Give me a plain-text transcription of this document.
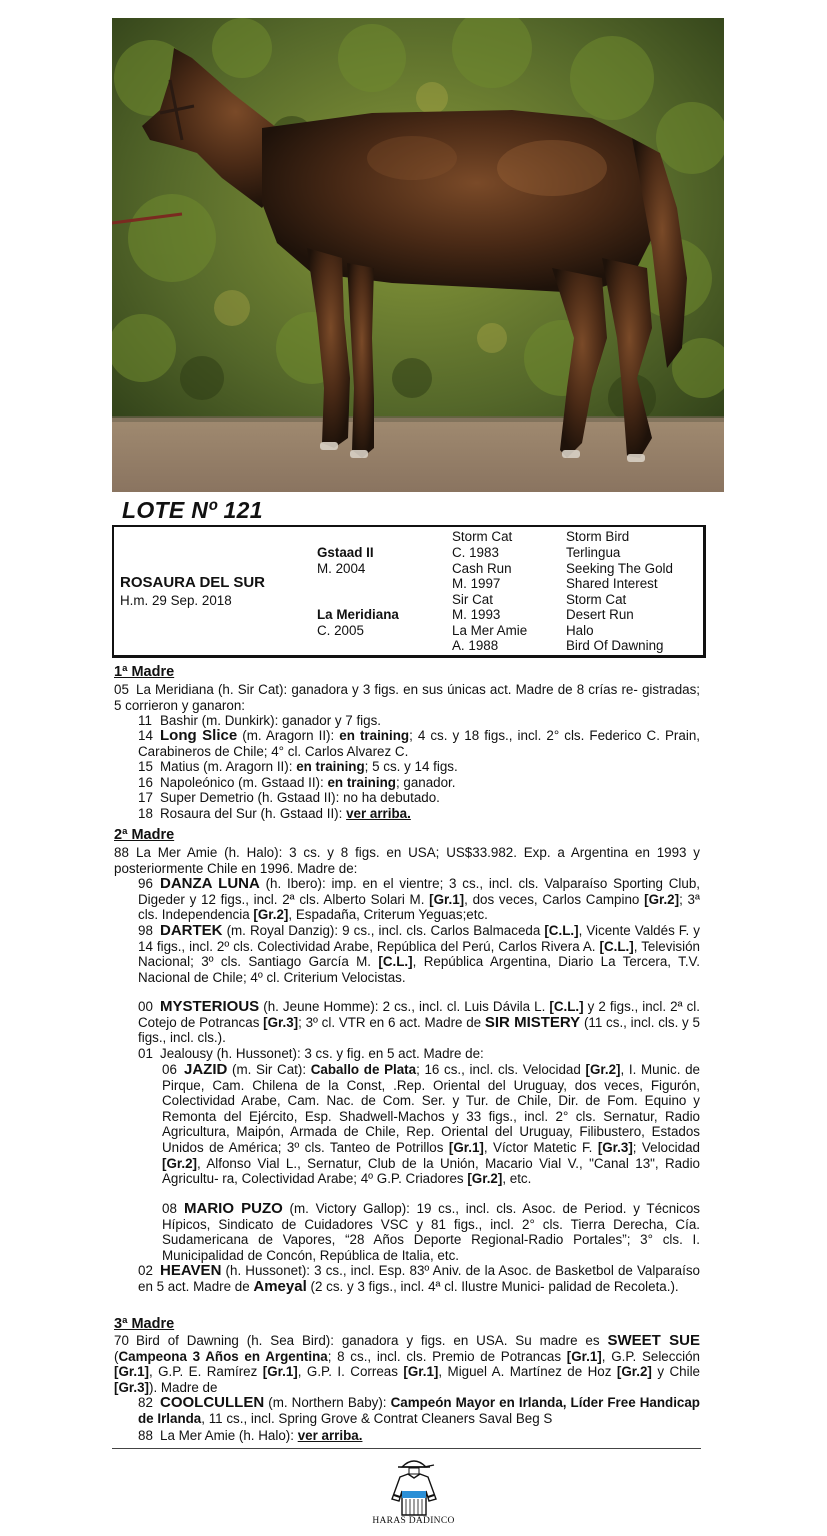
LOTE Nº 121
ROSAURA DEL SUR
H.m. 29 Sep. 2018
Gstaad II
M. 2004
La Meridiana
C. 2005
Storm Cat
C. 1983
Cash Run
M. 1997
Sir Cat
M. 1993
La Mer Amie
A. 1988
Storm Bird
Terlingua
Seeking The Gold
Shared Interest
Storm Cat
Desert Run
Halo
Bird Of Dawning
1ª Madre
05 La Meridiana (h. Sir Cat): ganadora y 3 figs. en sus únicas act. Madre de 8 crías re- gistradas; 5 corrieron y ganaron:
11 Bashir (m. Dunkirk): ganador y 7 figs.
14 Long Slice (m. Aragorn II): en training; 4 cs. y 18 figs., incl. 2° cls. Federico C. Prain, Carabineros de Chile; 4° cl. Carlos Alvarez C.
15 Matius (m. Aragorn II): en training; 5 cs. y 14 figs.
16 Napoleónico (m. Gstaad II): en training; ganador.
17 Super Demetrio (h. Gstaad II): no ha debutado.
18 Rosaura del Sur (h. Gstaad II): ver arriba.
2ª Madre
88 La Mer Amie (h. Halo): 3 cs. y 8 figs. en USA; US$33.982. Exp. a Argentina en 1993 y posteriormente Chile en 1996. Madre de:
96 DANZA LUNA (h. Ibero): imp. en el vientre; 3 cs., incl. cls. Valparaíso Sporting Club, Digeder y 12 figs., incl. 2ª cls. Alberto Solari M. [Gr.1], dos veces, Carlos Campino [Gr.2]; 3ª cls. Independencia [Gr.2], Espadaña, Criterum Yeguas;etc.
98 DARTEK (m. Royal Danzig): 9 cs., incl. cls. Carlos Balmaceda [C.L.], Vicente Valdés F. y 14 figs., incl. 2º cls. Colectividad Arabe, República del Perú, Carlos Rivera A. [C.L.], Televisión Nacional; 3º cls. Santiago García M. [C.L.], República Argentina, Diario La Tercera, T.V. Nacional de Chile; 4º cl. Criterium Velocistas.
00 MYSTERIOUS (h. Jeune Homme): 2 cs., incl. cl. Luis Dávila L. [C.L.] y 2 figs., incl. 2ª cl. Cotejo de Potrancas [Gr.3]; 3º cl. VTR en 6 act. Madre de SIR MISTERY (11 cs., incl. cls. y 5 figs., incl. cls.).
01 Jealousy (h. Hussonet): 3 cs. y fig. en 5 act. Madre de:
06 JAZID (m. Sir Cat): Caballo de Plata; 16 cs., incl. cls. Velocidad [Gr.2], I. Munic. de Pirque, Cam. Chilena de la Const, .Rep. Oriental del Uruguay, dos veces, Figurón, Colectividad Arabe, Cam. Nac. de Com. Ser. y Tur. de Chile, Dir. de Fom. Equino y Remonta del Ejército, Esp. Shadwell-Machos y 33 figs., incl. 2° cls. Sernatur, Radio Agricultura, Maipón, Armada de Chile, Rep. Oriental del Uruguay, Filibustero, Estados Unidos de América; 3º cls. Tanteo de Potrillos [Gr.1], Víctor Matetic F. [Gr.3]; Velocidad [Gr.2], Alfonso Vial L., Sernatur, Club de la Unión, Macario Vial V., "Canal 13", Radio Agricultu- ra, Colectividad Arabe; 4º G.P. Criadores [Gr.2], etc.
08 MARIO PUZO (m. Victory Gallop): 19 cs., incl. cls. Asoc. de Period. y Técnicos Hípicos, Sindicato de Cuidadores VSC y 81 figs., incl. 2° cls. Tierra Derecha, Cía. Sudamericana de Vapores, “28 Años Deporte Regional-Radio Portales”; 3° cls. I. Municipalidad de Concón, República de Italia, etc.
02 HEAVEN (h. Hussonet): 3 cs., incl. Esp. 83º Aniv. de la Asoc. de Basketbol de Valparaíso en 5 act. Madre de Ameyal (2 cs. y 3 figs., incl. 4ª cl. Ilustre Munici- palidad de Recoleta.).
3ª Madre
70 Bird of Dawning (h. Sea Bird): ganadora y figs. en USA. Su madre es SWEET SUE (Campeona 3 Años en Argentina; 8 cs., incl. cls. Premio de Potrancas [Gr.1], G.P. Selección [Gr.1], G.P. E. Ramírez [Gr.1], G.P. I. Correas [Gr.1], Miguel A. Martínez de Hoz [Gr.2] y Chile [Gr.3]). Madre de
82 COOLCULLEN (m. Northern Baby): Campeón Mayor en Irlanda, Líder Free Handicap de Irlanda, 11 cs., incl. Spring Grove & Contrat Cleaners Saval Beg S
88 La Mer Amie (h. Halo): ver arriba.
HARAS DADINCO
